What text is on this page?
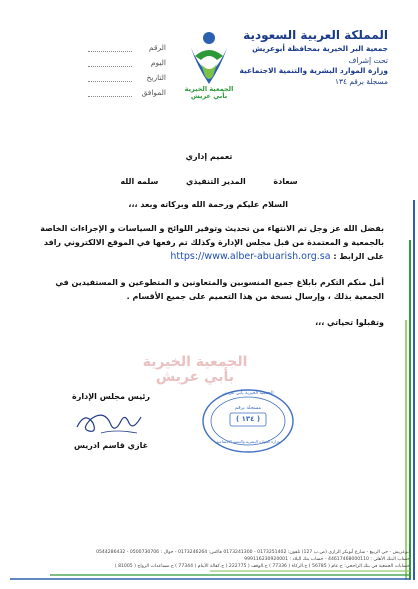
المملكة العربية السعودية
جمعية البر الخيرية بمحافظة أبوعريش
تحت إشراف
وزارة الموارد البشرية والتنمية الاجتماعية
مسجلة برقم ١٣٤
الجمعية الخيرية
بأبي عريش
الرقم
اليوم
التاريخ
الموافق
تعميم إداري
سعادة  المدير التنفيذي  سلمه الله
السلام عليكم ورحمة الله وبركاته وبعد ،،،
بفضل الله عز وجل تم الانتهاء من تحديث وتوفير اللوائح و السياسات و الإجراءات الخاصة بالجمعية و المعتمدة من قبل مجلس الإدارة وكذلك تم رفعها في الموقع الالكتروني رافد على الرابط : https://www.alber-abuarish.org.sa
أمل منكم التكرم بابلاغ جميع المنسوبين والمتعاونين و المتطوعين و المستفيدين في الجمعية بذلك ، وإرسال نسخة من هذا التعميم على جميع الأقسام .
وتقبلوا تحياتي ،،،
الجمعية الخيرية
بأبي عريش
رئيس مجلس الإدارة
غازي قاسم ادريس
الجمعية الخيرية بأبي عريش
مسجلة برقم
( ١٣٤ )
وزارة الموارد البشرية والتنمية الاجتماعية
أبوعريش - حي الربيع - شارع أبوبكر الرازي (ص.ب 127) تلفون: 0173251402 - 0173241300 فاكس: 0173246264 - جوال : 0500730706 - 0544286432
حساب البنك الأهلي : 44617468000110 - حساب بنك البلاد : 999116230920001
حسابات الجمعية في بنك الراجحي: ح.عام ( 56785 ) ح.الزكاة ( 77336 ) ح.الوقف ( 222775 ) ح.كفالة الأيتام ( 77344 ) ح.مساعدات الزواج ( 81005 )
